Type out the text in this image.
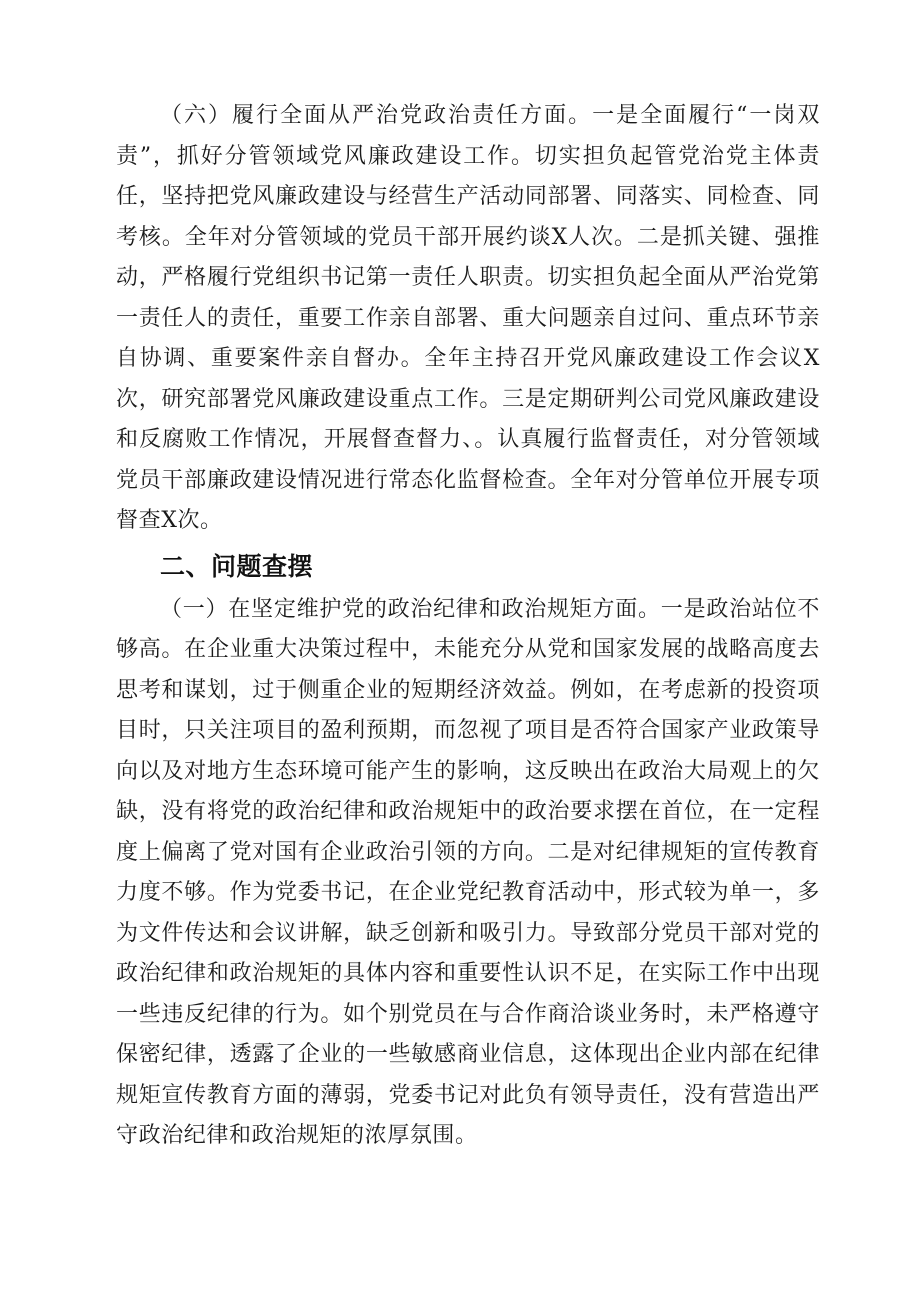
（六）履行全面从严治党政治责任方面。一是全面履行“一岗双责”，抓好分管领域党风廉政建设工作。切实担负起管党治党主体责任，坚持把党风廉政建设与经营生产活动同部署、同落实、同检查、同考核。全年对分管领域的党员干部开展约谈X人次。二是抓关键、强推动，严格履行党组织书记第一责任人职责。切实担负起全面从严治党第一责任人的责任，重要工作亲自部署、重大问题亲自过问、重点环节亲自协调、重要案件亲自督办。全年主持召开党风廉政建设工作会议X次，研究部署党风廉政建设重点工作。三是定期研判公司党风廉政建设和反腐败工作情况，开展督查督力、。认真履行监督责任，对分管领域党员干部廉政建设情况进行常态化监督检查。全年对分管单位开展专项督查X次。

二、问题查摆

（一）在坚定维护党的政治纪律和政治规矩方面。一是政治站位不够高。在企业重大决策过程中，未能充分从党和国家发展的战略高度去思考和谋划，过于侧重企业的短期经济效益。例如，在考虑新的投资项目时，只关注项目的盈利预期，而忽视了项目是否符合国家产业政策导向以及对地方生态环境可能产生的影响，这反映出在政治大局观上的欠缺，没有将党的政治纪律和政治规矩中的政治要求摆在首位，在一定程度上偏离了党对国有企业政治引领的方向。二是对纪律规矩的宣传教育力度不够。作为党委书记，在企业党纪教育活动中，形式较为单一，多为文件传达和会议讲解，缺乏创新和吸引力。导致部分党员干部对党的政治纪律和政治规矩的具体内容和重要性认识不足，在实际工作中出现一些违反纪律的行为。如个别党员在与合作商洽谈业务时，未严格遵守保密纪律，透露了企业的一些敏感商业信息，这体现出企业内部在纪律规矩宣传教育方面的薄弱，党委书记对此负有领导责任，没有营造出严守政治纪律和政治规矩的浓厚氛围。
